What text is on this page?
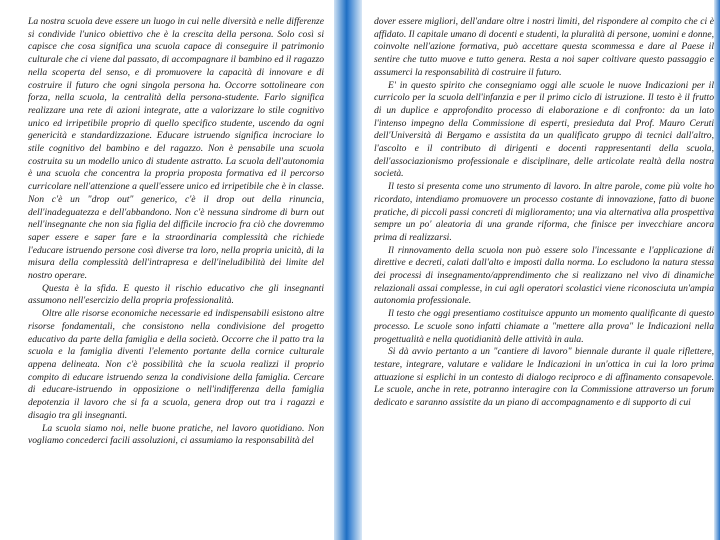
La nostra scuola deve essere un luogo in cui nelle diversità e nelle differenze si condivide l'unico obiettivo che è la crescita della persona. Solo così si capisce che cosa significa una scuola capace di conseguire il patrimonio culturale che ci viene dal passato, di accompagnare il bambino ed il ragazzo nella scoperta del senso, e di promuovere la capacità di innovare e di costruire il futuro che ogni singola persona ha. Occorre sottolineare con forza, nella scuola, la centralità della persona-studente. Farlo significa realizzare una rete di azioni integrate, atte a valorizzare lo stile cognitivo unico ed irripetibile proprio di quello specifico studente, uscendo da ogni genericità e standardizzazione. Educare istruendo significa incrociare lo stile cognitivo del bambino e del ragazzo. Non è pensabile una scuola costruita su un modello unico di studente astratto. La scuola dell'autonomia è una scuola che concentra la propria proposta formativa ed il percorso curricolare nell'attenzione a quell'essere unico ed irripetibile che è in classe. Non c'è un "drop out" generico, c'è il drop out della rinuncia, dell'inadeguatezza e dell'abbandono. Non c'è nessuna sindrome di burn out nell'insegnante che non sia figlia del difficile incrocio fra ciò che dovremmo saper essere e saper fare e la straordinaria complessità che richiede l'educare istruendo persone così diverse tra loro, nella propria unicità, di la misura della complessità dell'intrapresa e dell'ineludibilità dei limite del nostro operare.

Questa è la sfida. E questo il rischio educativo che gli insegnanti assumono nell'esercizio della propria professionalità.

Oltre alle risorse economiche necessarie ed indispensabili esistono altre risorse fondamentali, che consistono nella condivisione del progetto educativo da parte della famiglia e della società. Occorre che il patto tra la scuola e la famiglia diventi l'elemento portante della cornice culturale appena delineata. Non c'è possibilità che la scuola realizzi il proprio compito di educare istruendo senza la condivisione della famiglia. Cercare di educare-istruendo in opposizione o nell'indifferenza della famiglia depotenzia il lavoro che si fa a scuola, genera drop out tra i ragazzi e disagio tra gli insegnanti.

La scuola siamo noi, nelle buone pratiche, nel lavoro quotidiano. Non vogliamo concederci facili assoluzioni, ci assumiamo la responsabilità del

dover essere migliori, dell'andare oltre i nostri limiti, del rispondere al compito che ci è affidato. Il capitale umano di docenti e studenti, la pluralità di persone, uomini e donne, coinvolte nell'azione formativa, può accettare questa scommessa e dare al Paese il sentire che tutto muove e tutto genera. Resta a noi saper coltivare questo passaggio e assumerci la responsabilità di costruire il futuro.

E' in questo spirito che consegniamo oggi alle scuole le nuove Indicazioni per il curricolo per la scuola dell'infanzia e per il primo ciclo di istruzione. Il testo è il frutto di un duplice e approfondito processo di elaborazione e di confronto: da un lato l'intenso impegno della Commissione di esperti, presieduta dal Prof. Mauro Ceruti dell'Università di Bergamo e assistita da un qualificato gruppo di tecnici dall'altro, l'ascolto e il contributo di dirigenti e docenti rappresentanti della scuola, dell'associazionismo professionale e disciplinare, delle articolate realtà della nostra società.

Il testo si presenta come uno strumento di lavoro. In altre parole, come più volte ho ricordato, intendiamo promuovere un processo costante di innovazione, fatto di buone pratiche, di piccoli passi concreti di miglioramento; una via alternativa alla prospettiva sempre un po' aleatoria di una grande riforma, che finisce per invecchiare ancora prima di realizzarsi.

Il rinnovamento della scuola non può essere solo l'incessante e l'applicazione di direttive e decreti, calati dall'alto e imposti dalla norma. Lo escludono la natura stessa dei processi di insegnamento/apprendimento che si realizzano nel vivo di dinamiche relazionali assai complesse, in cui agli operatori scolastici viene riconosciuta un'ampia autonomia professionale.

Il testo che oggi presentiamo costituisce appunto un momento qualificante di questo processo. Le scuole sono infatti chiamate a "mettere alla prova" le Indicazioni nella progettualità e nella quotidianità delle attività in aula.

Si dà avvio pertanto a un "cantiere di lavoro" biennale durante il quale riflettere, testare, integrare, valutare e validare le Indicazioni in un'ottica in cui la loro prima attuazione si esplichi in un contesto di dialogo reciproco e di affinamento consapevole. Le scuole, anche in rete, potranno interagire con la Commissione attraverso un forum dedicato e saranno assistite da un piano di accompagnamento e di supporto di cui
